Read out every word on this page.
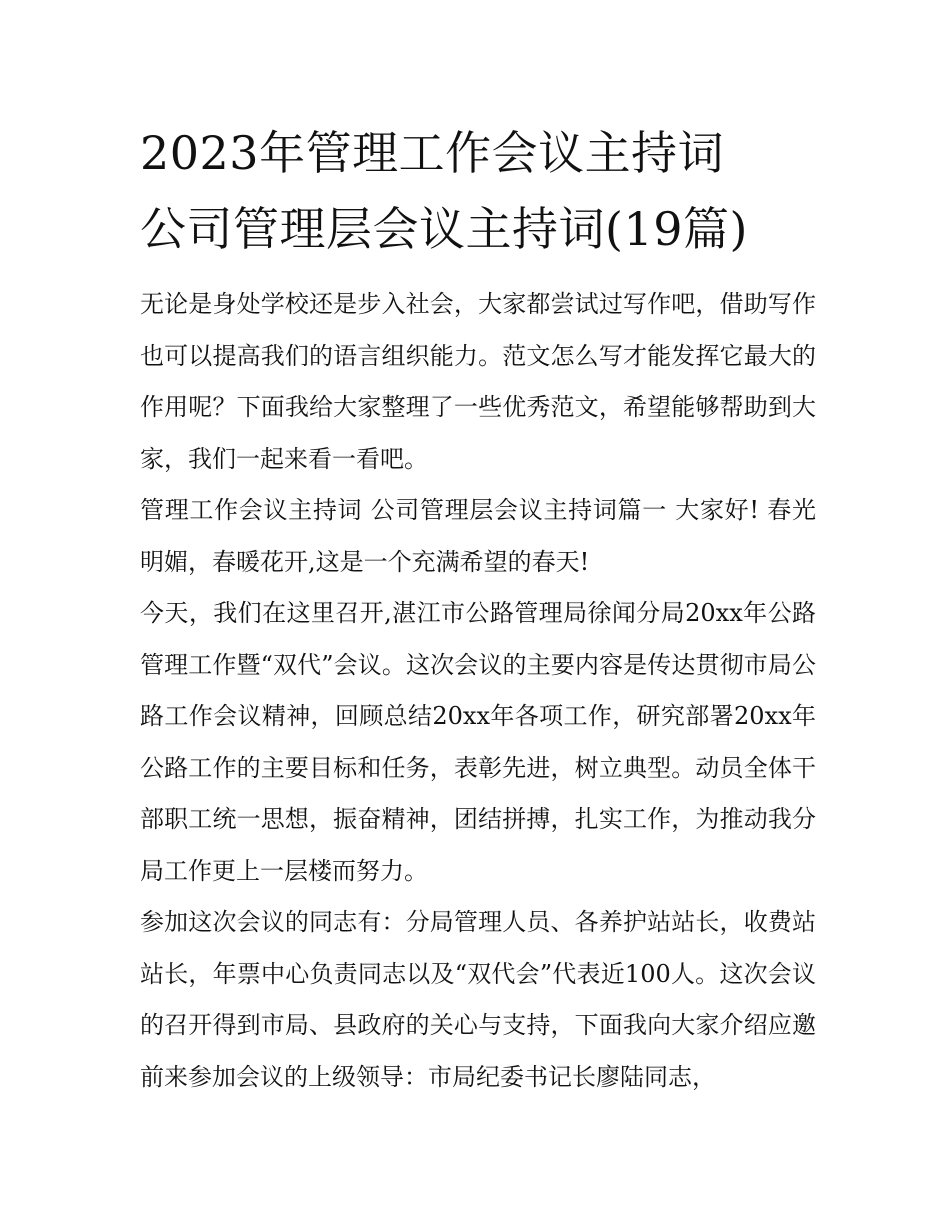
2023年管理工作会议主持词
公司管理层会议主持词(19篇)

无论是身处学校还是步入社会，大家都尝试过写作吧，借助写作也可以提高我们的语言组织能力。范文怎么写才能发挥它最大的作用呢？下面我给大家整理了一些优秀范文，希望能够帮助到大家，我们一起来看一看吧。

管理工作会议主持词 公司管理层会议主持词篇一 大家好! 春光明媚，春暖花开,这是一个充满希望的春天!

今天，我们在这里召开,湛江市公路管理局徐闻分局20xx年公路管理工作暨“双代”会议。这次会议的主要内容是传达贯彻市局公路工作会议精神，回顾总结20xx年各项工作，研究部署20xx年公路工作的主要目标和任务，表彰先进，树立典型。动员全体干部职工统一思想，振奋精神，团结拼搏，扎实工作，为推动我分局工作更上一层楼而努力。

参加这次会议的同志有：分局管理人员、各养护站站长，收费站站长，年票中心负责同志以及“双代会”代表近100人。这次会议的召开得到市局、县政府的关心与支持，下面我向大家介绍应邀前来参加会议的上级领导：市局纪委书记长廖陆同志，
